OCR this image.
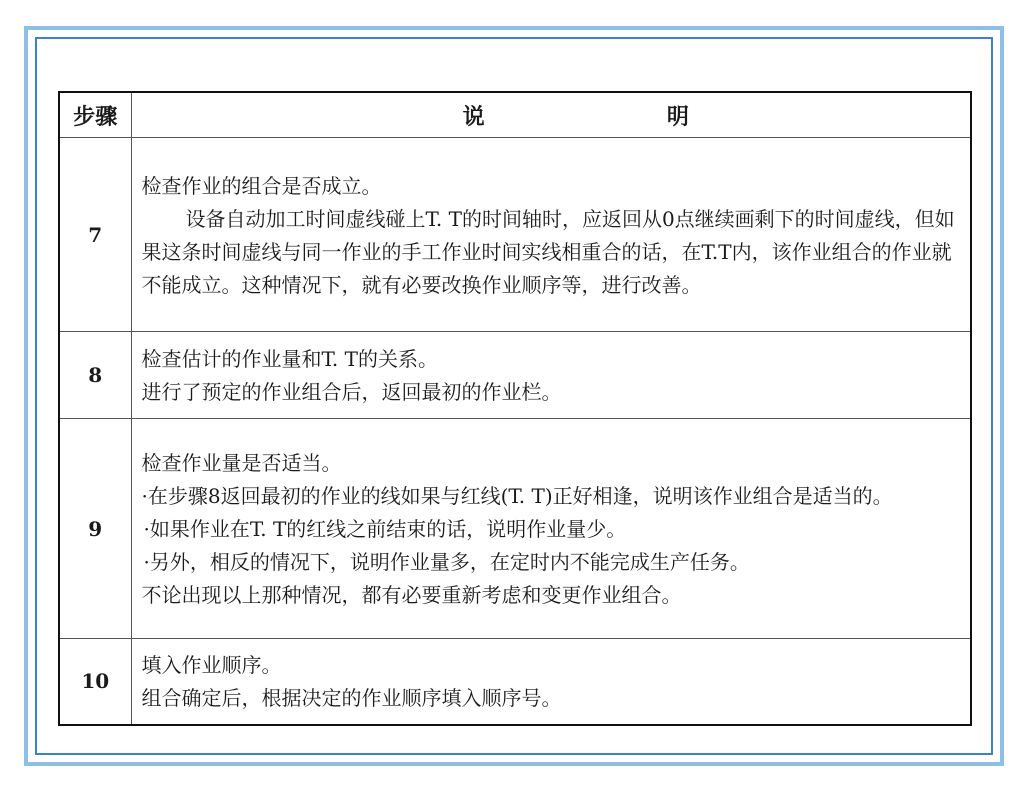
步骤	说 明

7	检查作业的组合是否成立。
设备自动加工时间虚线碰上T. T的时间轴时，应返回从0点继续画剩下的时间虚线，但如果这条时间虚线与同一作业的手工作业时间实线相重合的话，在T.T内，该作业组合的作业就不能成立。这种情况下，就有必要改换作业顺序等，进行改善。

8	检查估计的作业量和T. T的关系。
进行了预定的作业组合后，返回最初的作业栏。

9	检查作业量是否适当。
·在步骤8返回最初的作业的线如果与红线(T. T)正好相逢，说明该作业组合是适当的。
·如果作业在T. T的红线之前结束的话，说明作业量少。
·另外，相反的情况下，说明作业量多，在定时内不能完成生产任务。
不论出现以上那种情况，都有必要重新考虑和变更作业组合。

10	填入作业顺序。
组合确定后，根据决定的作业顺序填入顺序号。
